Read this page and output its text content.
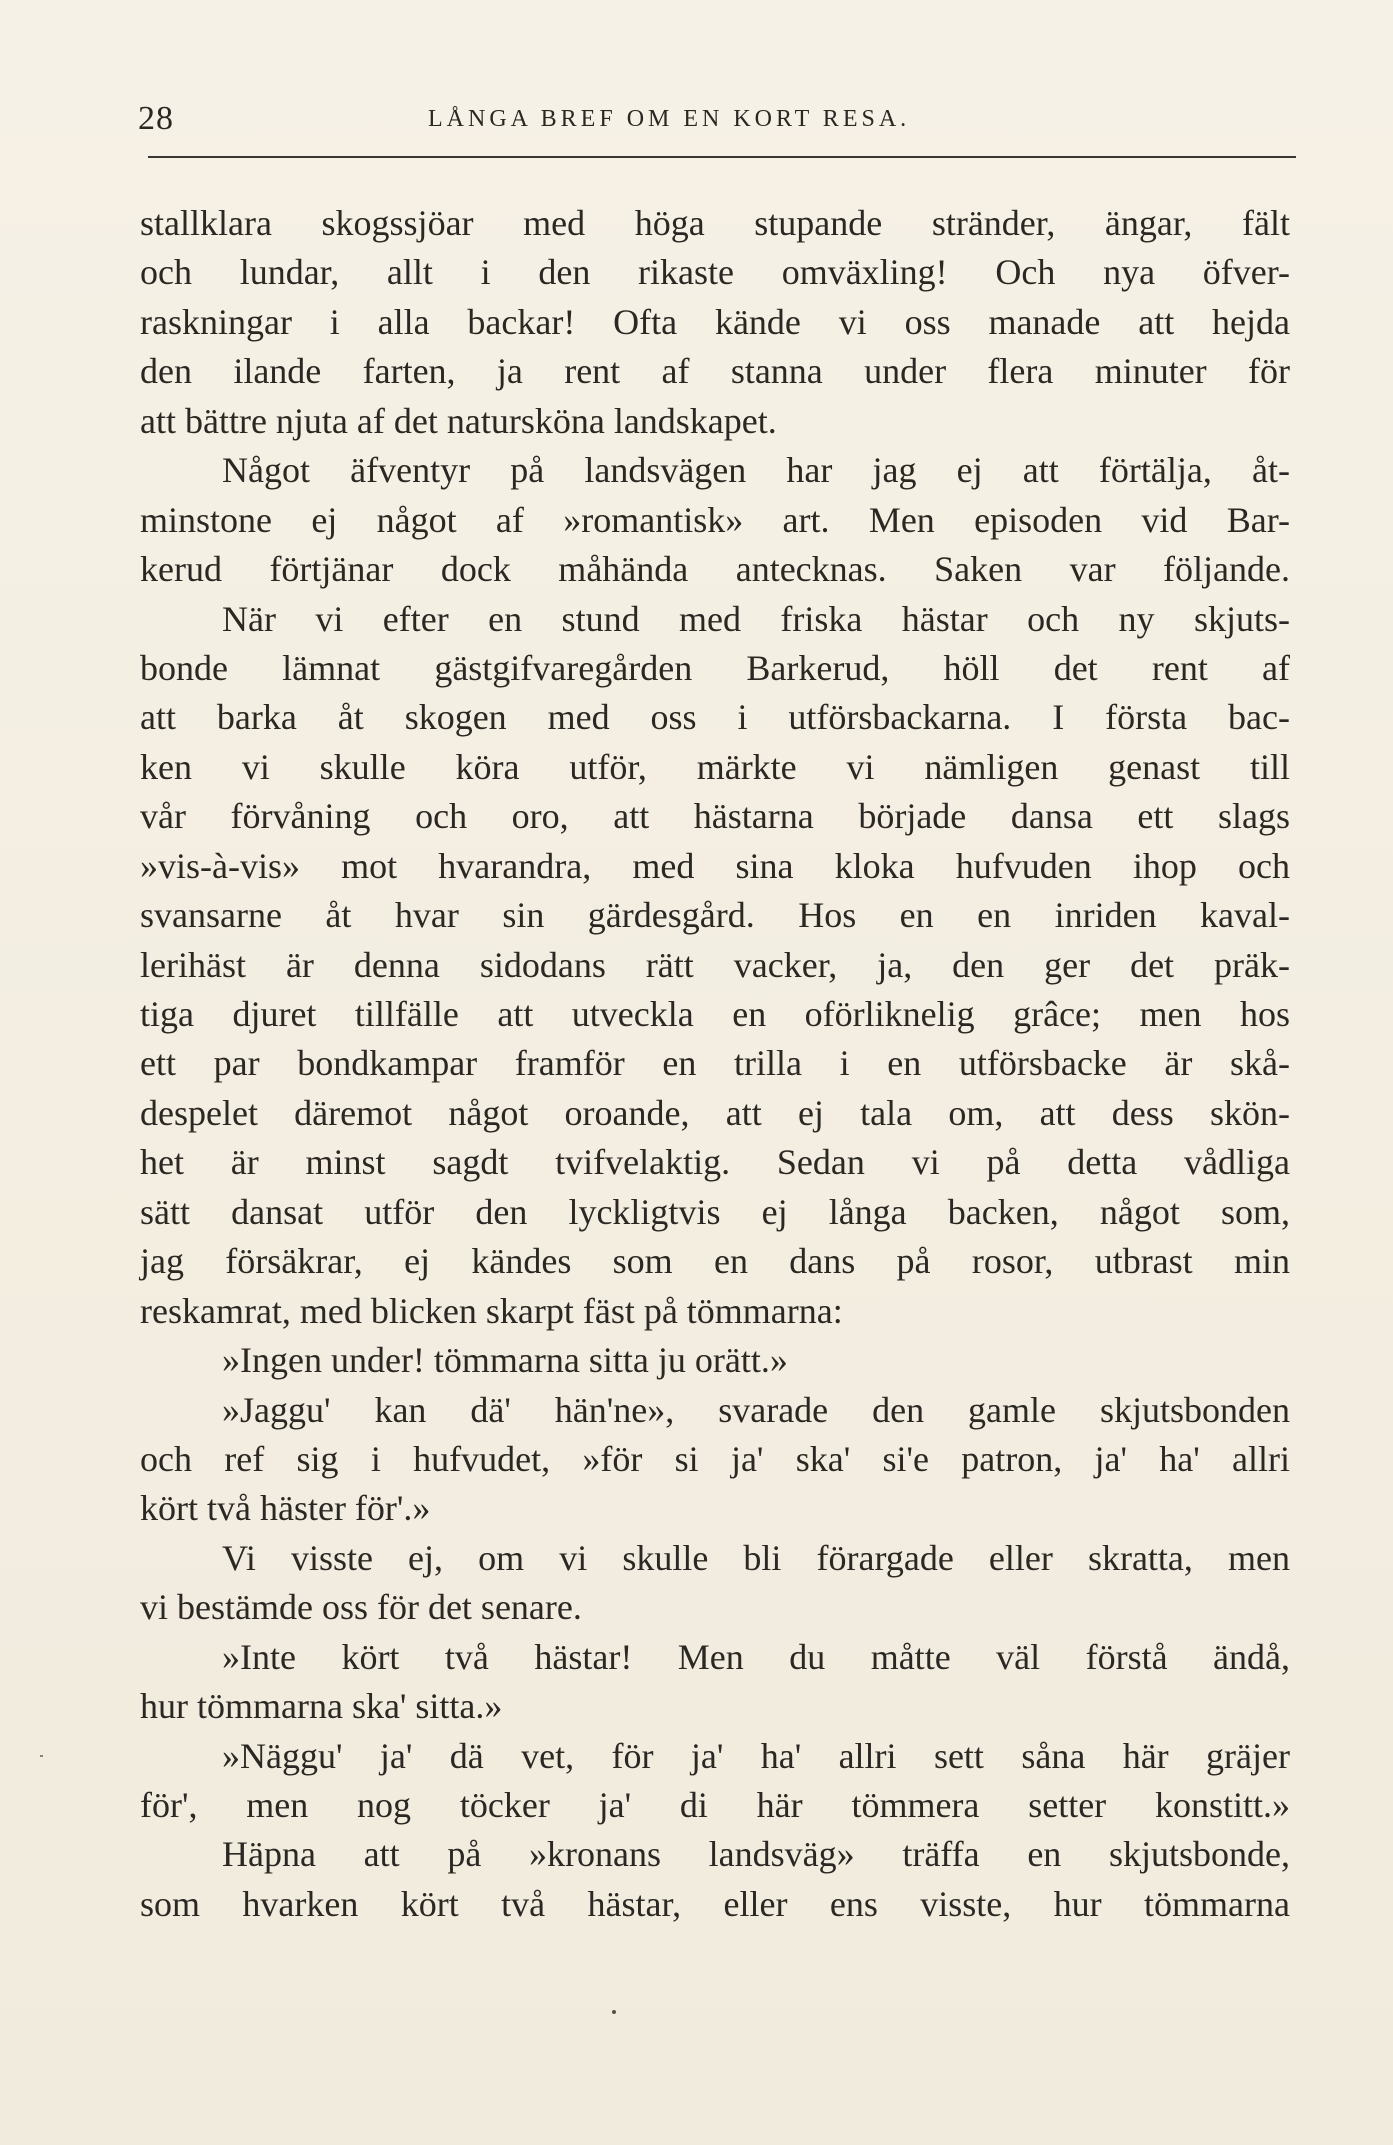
28	LÅNGA BREF OM EN KORT RESA.
stallklara skogssjöar med höga stupande stränder, ängar, fält
och lundar, allt i den rikaste omväxling! Och nya öfver-
raskningar i alla backar! Ofta kände vi oss manade att hejda
den ilande farten, ja rent af stanna under flera minuter för
att bättre njuta af det natursköna landskapet.
Något äfventyr på landsvägen har jag ej att förtälja, åt-
minstone ej något af »romantisk» art. Men episoden vid Bar-
kerud förtjänar dock måhända antecknas. Saken var följande.
När vi efter en stund med friska hästar och ny skjuts-
bonde lämnat gästgifvaregården Barkerud, höll det rent af
att barka åt skogen med oss i utförsbackarna. I första bac-
ken vi skulle köra utför, märkte vi nämligen genast till
vår förvåning och oro, att hästarna började dansa ett slags
»vis-à-vis» mot hvarandra, med sina kloka hufvuden ihop och
svansarne åt hvar sin gärdesgård. Hos en en inriden kaval-
lerihäst är denna sidodans rätt vacker, ja, den ger det präk-
tiga djuret tillfälle att utveckla en oförliknelig grâce; men hos
ett par bondkampar framför en trilla i en utförsbacke är skå-
despelet däremot något oroande, att ej tala om, att dess skön-
het är minst sagdt tvifvelaktig. Sedan vi på detta vådliga
sätt dansat utför den lyckligtvis ej långa backen, något som,
jag försäkrar, ej kändes som en dans på rosor, utbrast min
reskamrat, med blicken skarpt fäst på tömmarna:
»Ingen under! tömmarna sitta ju orätt.»
»Jaggu' kan dä' hän'ne», svarade den gamle skjutsbonden
och ref sig i hufvudet, »för si ja' ska' si'e patron, ja' ha' allri
kört två häster för'.»
Vi visste ej, om vi skulle bli förargade eller skratta, men
vi bestämde oss för det senare.
»Inte kört två hästar! Men du måtte väl förstå ändå,
hur tömmarna ska' sitta.»
»Näggu' ja' dä vet, för ja' ha' allri sett såna här gräjer
för', men nog töcker ja' di här tömmera setter konstitt.»
Häpna att på »kronans landsväg» träffa en skjutsbonde,
som hvarken kört två hästar, eller ens visste, hur tömmarna
